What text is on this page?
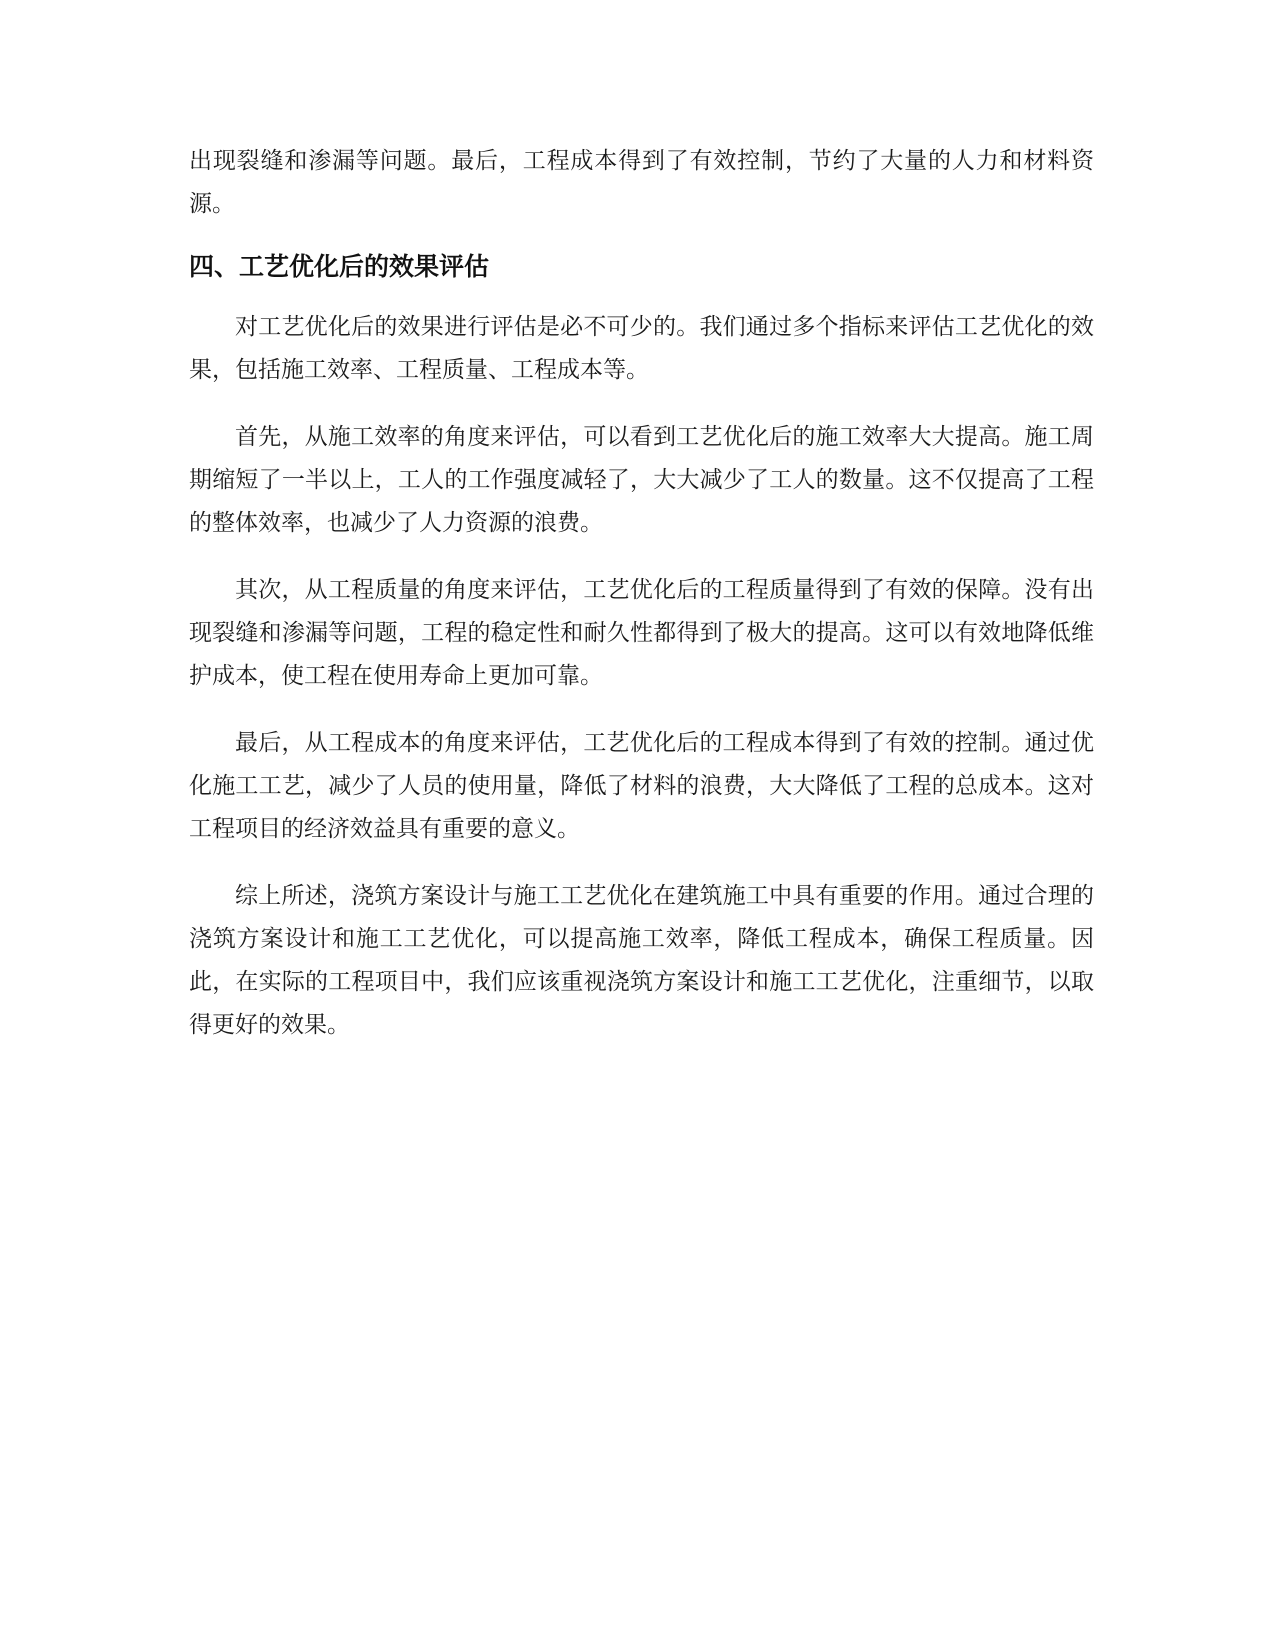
出现裂缝和渗漏等问题。最后，工程成本得到了有效控制，节约了大量的人力和材料资源。

四、工艺优化后的效果评估

对工艺优化后的效果进行评估是必不可少的。我们通过多个指标来评估工艺优化的效果，包括施工效率、工程质量、工程成本等。

首先，从施工效率的角度来评估，可以看到工艺优化后的施工效率大大提高。施工周期缩短了一半以上，工人的工作强度减轻了，大大减少了工人的数量。这不仅提高了工程的整体效率，也减少了人力资源的浪费。

其次，从工程质量的角度来评估，工艺优化后的工程质量得到了有效的保障。没有出现裂缝和渗漏等问题，工程的稳定性和耐久性都得到了极大的提高。这可以有效地降低维护成本，使工程在使用寿命上更加可靠。

最后，从工程成本的角度来评估，工艺优化后的工程成本得到了有效的控制。通过优化施工工艺，减少了人员的使用量，降低了材料的浪费，大大降低了工程的总成本。这对工程项目的经济效益具有重要的意义。

综上所述，浇筑方案设计与施工工艺优化在建筑施工中具有重要的作用。通过合理的浇筑方案设计和施工工艺优化，可以提高施工效率，降低工程成本，确保工程质量。因此，在实际的工程项目中，我们应该重视浇筑方案设计和施工工艺优化，注重细节，以取得更好的效果。
